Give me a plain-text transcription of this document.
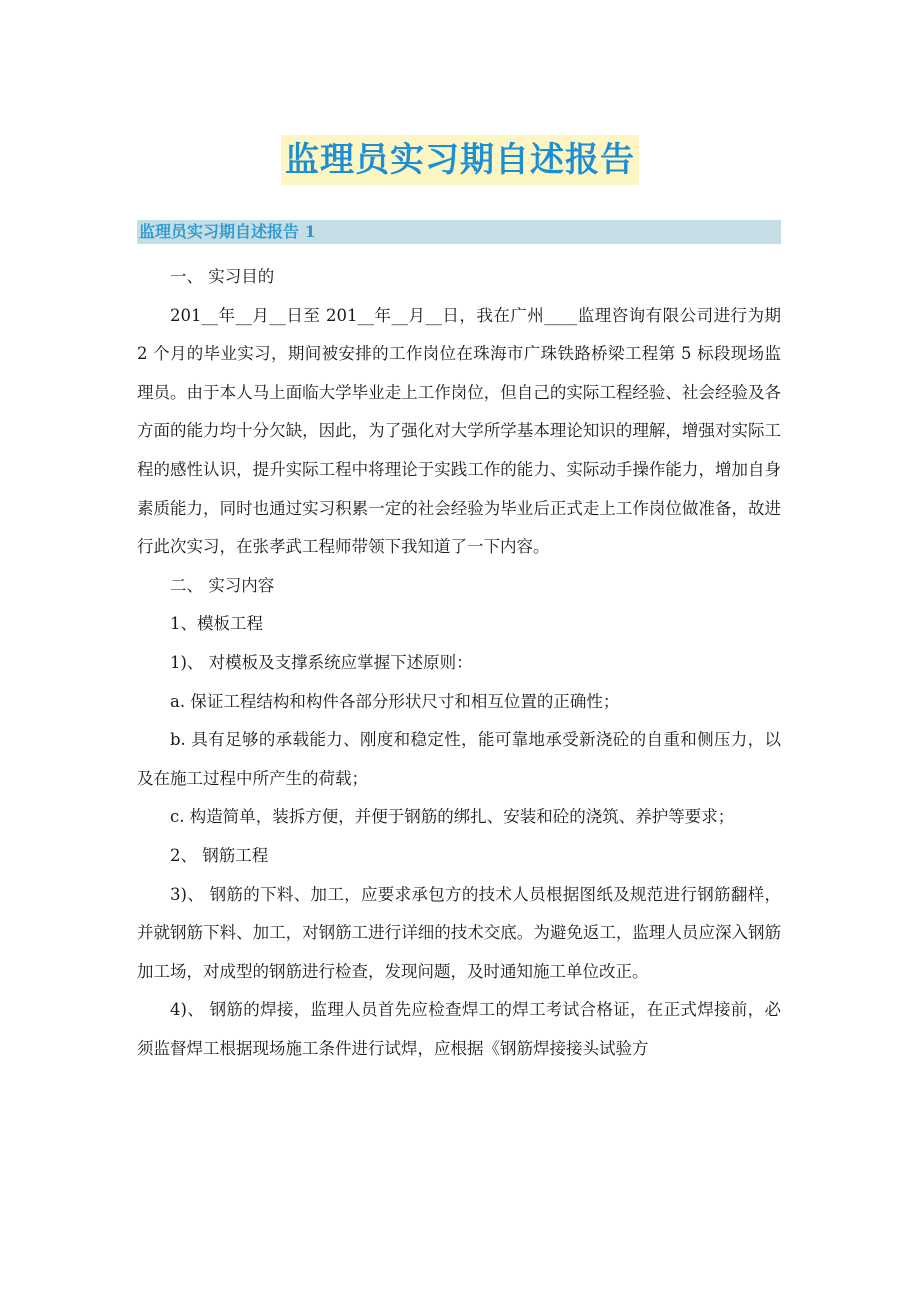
监理员实习期自述报告
监理员实习期自述报告 1

一、 实习目的

201__年__月__日至 201__年__月__日，我在广州____监理咨询有限公司进行为期 2 个月的毕业实习，期间被安排的工作岗位在珠海市广珠铁路桥梁工程第 5 标段现场监理员。由于本人马上面临大学毕业走上工作岗位，但自己的实际工程经验、社会经验及各方面的能力均十分欠缺，因此，为了强化对大学所学基本理论知识的理解，增强对实际工程的感性认识，提升实际工程中将理论于实践工作的能力、实际动手操作能力，增加自身素质能力，同时也通过实习积累一定的社会经验为毕业后正式走上工作岗位做准备，故进行此次实习，在张孝武工程师带领下我知道了一下内容。

二、 实习内容

1、模板工程

1)、 对模板及支撑系统应掌握下述原则：

a. 保证工程结构和构件各部分形状尺寸和相互位置的正确性；

b. 具有足够的承载能力、刚度和稳定性，能可靠地承受新浇砼的自重和侧压力，以及在施工过程中所产生的荷载；

c. 构造简单，装拆方便，并便于钢筋的绑扎、安装和砼的浇筑、养护等要求；

2、 钢筋工程

3)、 钢筋的下料、加工，应要求承包方的技术人员根据图纸及规范进行钢筋翻样，并就钢筋下料、加工，对钢筋工进行详细的技术交底。为避免返工，监理人员应深入钢筋加工场，对成型的钢筋进行检查，发现问题，及时通知施工单位改正。

4)、 钢筋的焊接，监理人员首先应检查焊工的焊工考试合格证，在正式焊接前，必须监督焊工根据现场施工条件进行试焊，应根据《钢筋焊接接头试验方
